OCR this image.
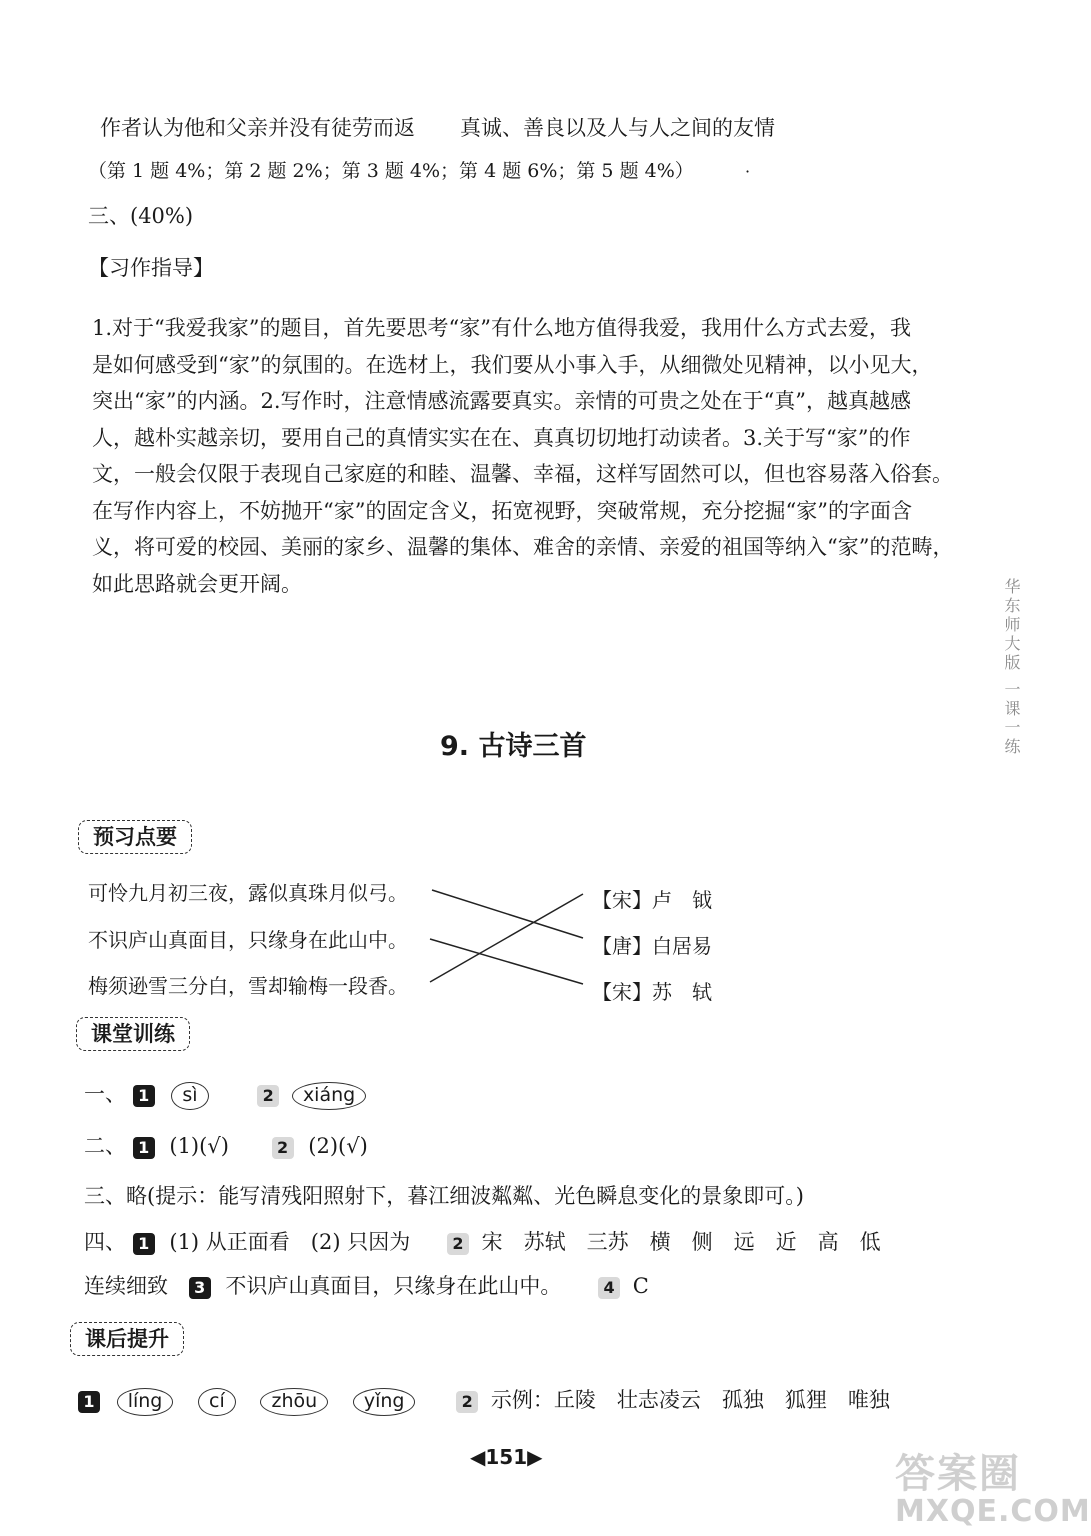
作者认为他和父亲并没有徒劳而返 真诚、善良以及人与人之间的友情
（第 1 题 4%；第 2 题 2%；第 3 题 4%；第 4 题 6%；第 5 题 4%）	·
三、(40%)
【习作指导】

1.对于“我爱我家”的题目，首先要思考“家”有什么地方值得我爱，我用什么方式去爱，我

是如何感受到“家”的氛围的。在选材上，我们要从小事入手，从细微处见精神，以小见大，

突出“家”的内涵。2.写作时，注意情感流露要真实。亲情的可贵之处在于“真”，越真越感

人，越朴实越亲切，要用自己的真情实实在在、真真切切地打动读者。3.关于写“家”的作

文，一般会仅限于表现自己家庭的和睦、温馨、幸福，这样写固然可以，但也容易落入俗套。

在写作内容上，不妨抛开“家”的固定含义，拓宽视野，突破常规，充分挖掘“家”的字面含

义，将可爱的校园、美丽的家乡、温馨的集体、难舍的亲情、亲爱的祖国等纳入“家”的范畴，

如此思路就会更开阔。	华东师大版 一课一练
9. 古诗三首
预习点要
可怜九月初三夜，露似真珠月似弓。
不识庐山真面目，只缘身在此山中。
梅须逊雪三分白，雪却输梅一段香。
【宋】卢　钺
【唐】白居易
【宋】苏　轼
课堂训练
一、 1 sì	2 xiáng
二、 1 (1)(√)	2 (2)(√)
三、略(提示：能写清残阳照射下，暮江细波粼粼、光色瞬息变化的景象即可。)
四、 1 (1) 从正面看　(2) 只因为	2 宋　苏轼　三苏　横　侧　远　近　高　低
连续细致 3 不识庐山真面目，只缘身在此山中。	4 C
课后提升
1 líng cí zhōu yǐng	2 示例：丘陵　壮志凌云　孤独　狐狸　唯独
◀151▶	答案圈
MXQE.COM
